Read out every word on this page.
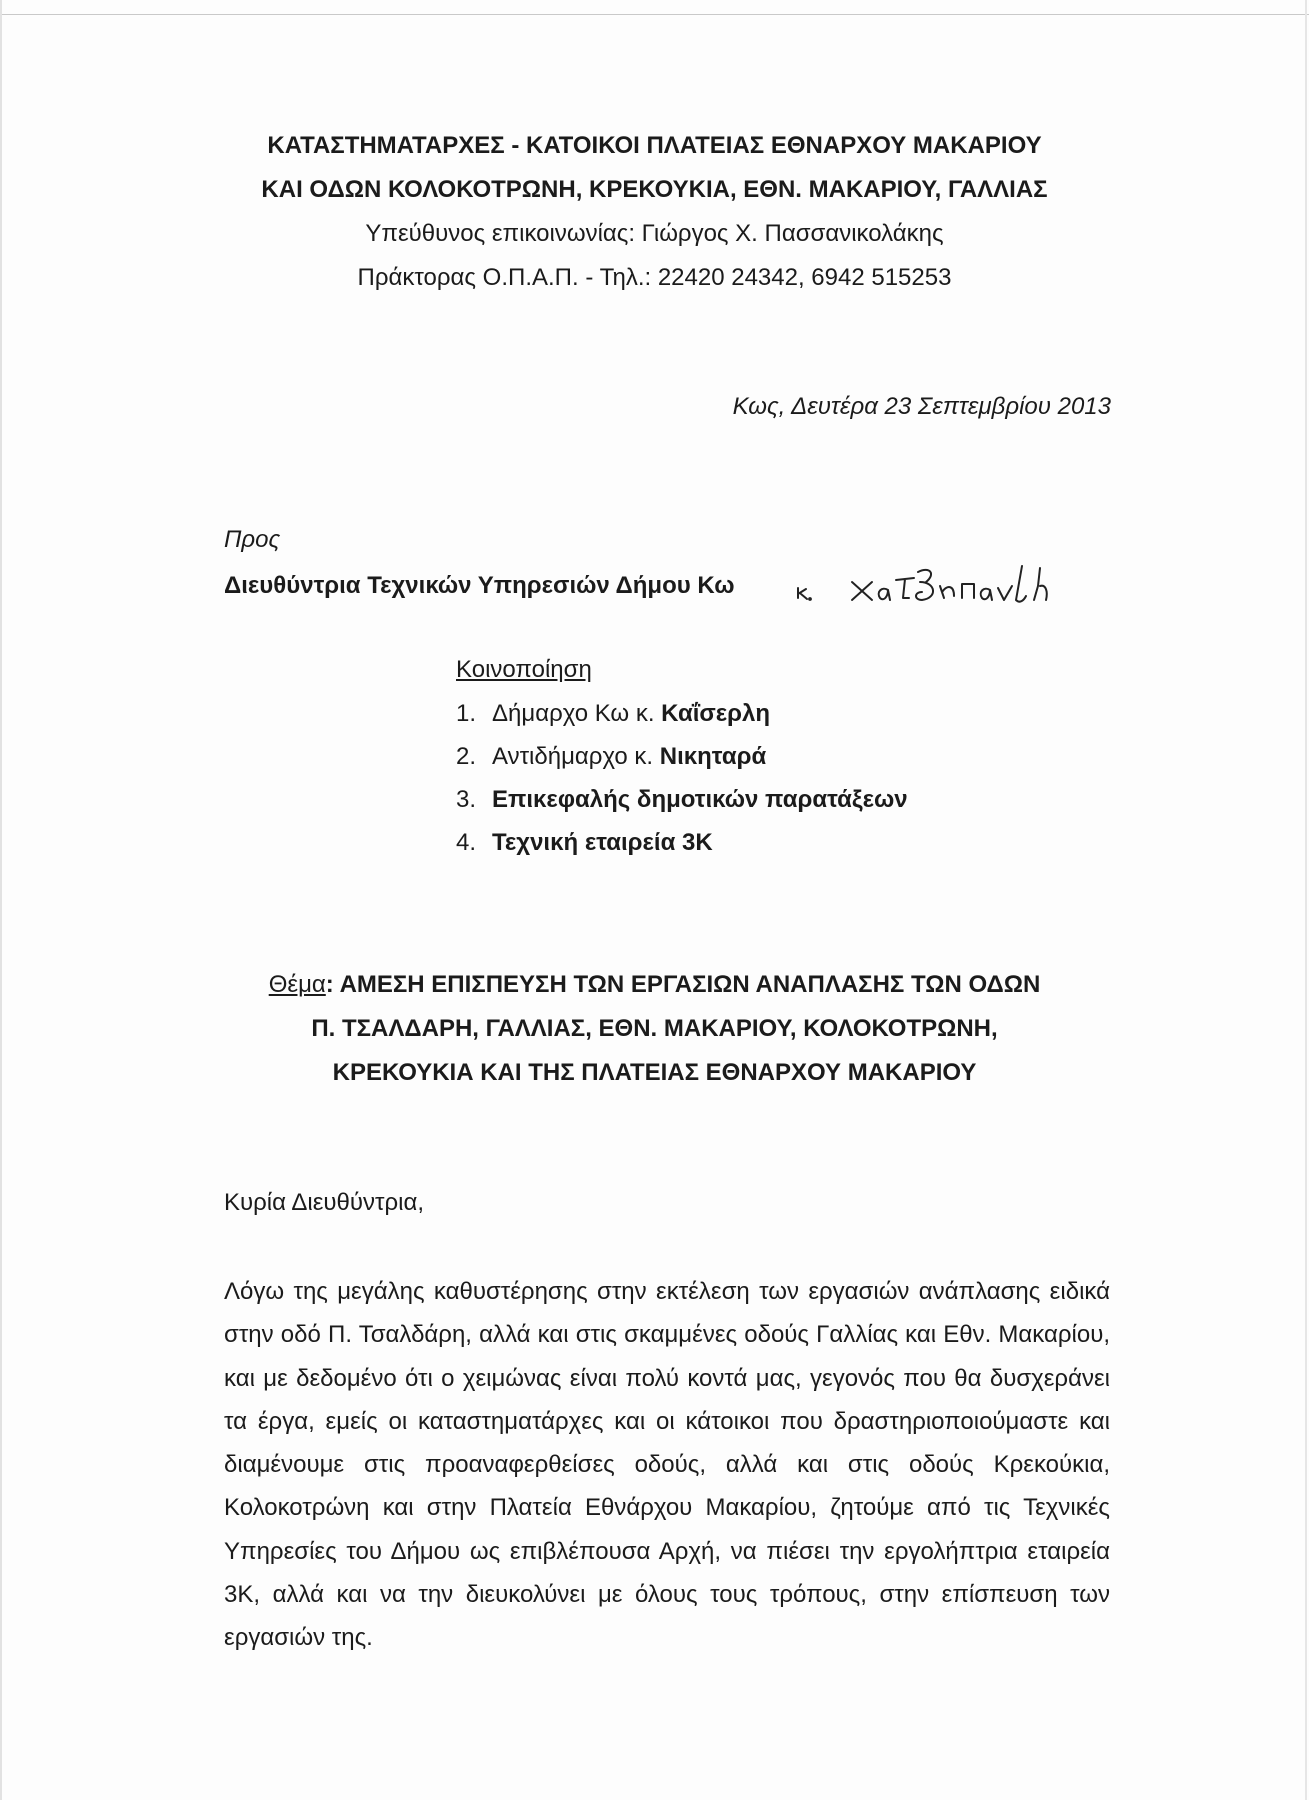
ΚΑΤΑΣΤΗΜΑΤΑΡΧΕΣ - ΚΑΤΟΙΚΟΙ ΠΛΑΤΕΙΑΣ ΕΘΝΑΡΧΟΥ ΜΑΚΑΡΙΟΥ
ΚΑΙ ΟΔΩΝ ΚΟΛΟΚΟΤΡΩΝΗ, ΚΡΕΚΟΥΚΙΑ, ΕΘΝ. ΜΑΚΑΡΙΟΥ, ΓΑΛΛΙΑΣ
Υπεύθυνος επικοινωνίας: Γιώργος Χ. Πασσανικολάκης
Πράκτορας Ο.Π.Α.Π. - Τηλ.: 22420 24342, 6942 515253
Κως, Δευτέρα 23 Σεπτεμβρίου 2013
Προς
Διευθύντρια Τεχνικών Υπηρεσιών Δήμου Κω
Κοινοποίηση
1. Δήμαρχο Κω κ. Καΐσερλη
2. Αντιδήμαρχο κ. Νικηταρά
3. Επικεφαλής δημοτικών παρατάξεων
4. Τεχνική εταιρεία 3Κ
Θέμα: ΑΜΕΣΗ ΕΠΙΣΠΕΥΣΗ ΤΩΝ ΕΡΓΑΣΙΩΝ ΑΝΑΠΛΑΣΗΣ ΤΩΝ ΟΔΩΝ
Π. ΤΣΑΛΔΑΡΗ, ΓΑΛΛΙΑΣ, ΕΘΝ. ΜΑΚΑΡΙΟΥ, ΚΟΛΟΚΟΤΡΩΝΗ,
ΚΡΕΚΟΥΚΙΑ ΚΑΙ ΤΗΣ ΠΛΑΤΕΙΑΣ ΕΘΝΑΡΧΟΥ ΜΑΚΑΡΙΟΥ
Κυρία Διευθύντρια,
Λόγω της μεγάλης καθυστέρησης στην εκτέλεση των εργασιών ανάπλασης ειδικά στην οδό Π. Τσαλδάρη, αλλά και στις σκαμμένες οδούς Γαλλίας και Εθν. Μακαρίου, και με δεδομένο ότι ο χειμώνας είναι πολύ κοντά μας, γεγονός που θα δυσχεράνει τα έργα, εμείς οι καταστηματάρχες και οι κάτοικοι που δραστηριοποιούμαστε και διαμένουμε στις προαναφερθείσες οδούς, αλλά και στις οδούς Κρεκούκια, Κολοκοτρώνη και στην Πλατεία Εθνάρχου Μακαρίου, ζητούμε από τις Τεχνικές Υπηρεσίες του Δήμου ως επιβλέπουσα Αρχή, να πιέσει την εργολήπτρια εταιρεία 3Κ, αλλά και να την διευκολύνει με όλους τους τρόπους, στην επίσπευση των εργασιών της.
